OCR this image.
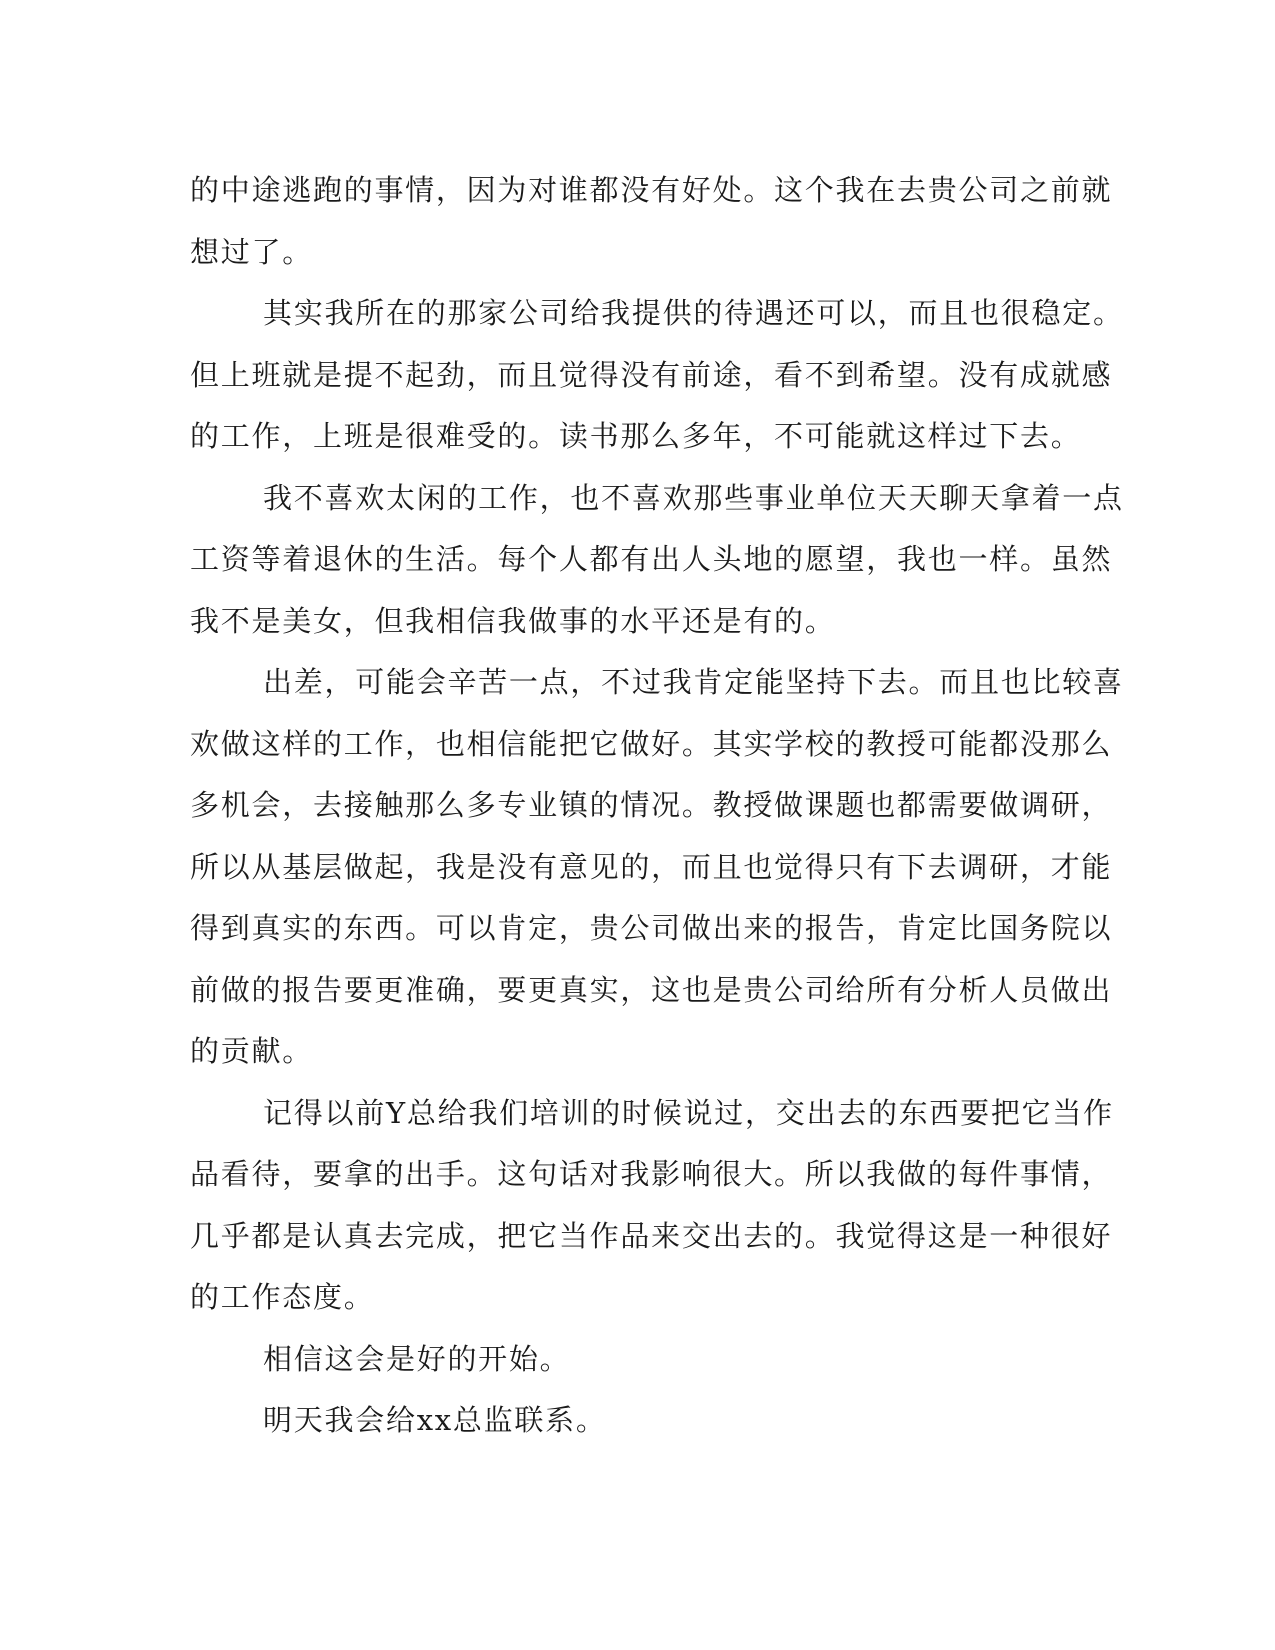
的中途逃跑的事情，因为对谁都没有好处。这个我在去贵公司之前就
想过了。
其实我所在的那家公司给我提供的待遇还可以，而且也很稳定。
但上班就是提不起劲，而且觉得没有前途，看不到希望。没有成就感
的工作，上班是很难受的。读书那么多年，不可能就这样过下去。
我不喜欢太闲的工作，也不喜欢那些事业单位天天聊天拿着一点
工资等着退休的生活。每个人都有出人头地的愿望，我也一样。虽然
我不是美女，但我相信我做事的水平还是有的。
出差，可能会辛苦一点，不过我肯定能坚持下去。而且也比较喜
欢做这样的工作，也相信能把它做好。其实学校的教授可能都没那么
多机会，去接触那么多专业镇的情况。教授做课题也都需要做调研，
所以从基层做起，我是没有意见的，而且也觉得只有下去调研，才能
得到真实的东西。可以肯定，贵公司做出来的报告，肯定比国务院以
前做的报告要更准确，要更真实，这也是贵公司给所有分析人员做出
的贡献。
记得以前Y总给我们培训的时候说过，交出去的东西要把它当作
品看待，要拿的出手。这句话对我影响很大。所以我做的每件事情，
几乎都是认真去完成，把它当作品来交出去的。我觉得这是一种很好
的工作态度。
相信这会是好的开始。
明天我会给xx总监联系。
